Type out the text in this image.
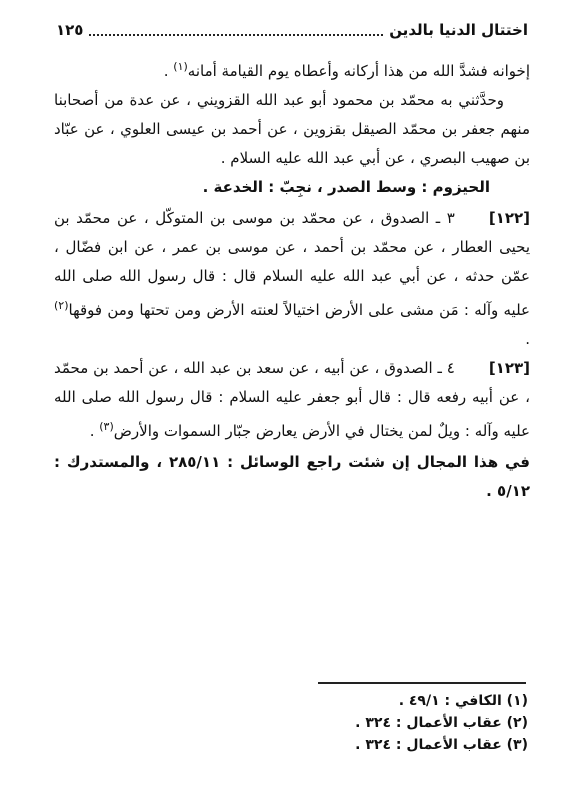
اختتال الدنيا بالدين
١٢٥

إخوانه فشدَّ الله من هذا أركانه وأعطاه يوم القيامة أمانه$^{(١)}$ .

وحدَّثني به محمّد بن محمود أبو عبد الله القزويني ، عن عدة من أصحابنا منهم جعفر بن محمّد الصيقل بقزوين ، عن أحمد بن عيسى العلوي ، عن عبّاد بن صهيب البصري ، عن أبي عبد الله عليه السلام .

الحيزوم : وسط الصدر ، نجِبّ : الخدعة .

[١٢٢]٣ ـ الصدوق ، عن محمّد بن موسى بن المتوكّل ، عن محمّد بن يحيى العطار ، عن محمّد بن أحمد ، عن موسى بن عمر ، عن ابن فضّال ، عمّن حدثه ، عن أبي عبد الله عليه السلام قال : قال رسول الله صلى الله عليه وآله : مَن مشى على الأرض اختيالاً لعنته الأرض ومن تحتها ومن فوقها$^{(٢)}$ .

[١٢٣]٤ ـ الصدوق ، عن أبيه ، عن سعد بن عبد الله ، عن أحمد بن محمّد ، عن أبيه رفعه قال : قال أبو جعفر عليه السلام : قال رسول الله صلى الله عليه وآله : ويلٌ لمن يختال في الأرض يعارض جبّار السموات والأرض$^{(٣)}$ .

في هذا المجال إن شئت راجع الوسائل : ٢٨٥/١١ ، والمستدرك : ٥/١٢ .

(١) الكافي : ٤٩/١ .

(٢) عقاب الأعمال : ٣٢٤ .

(٣) عقاب الأعمال : ٣٢٤ .
